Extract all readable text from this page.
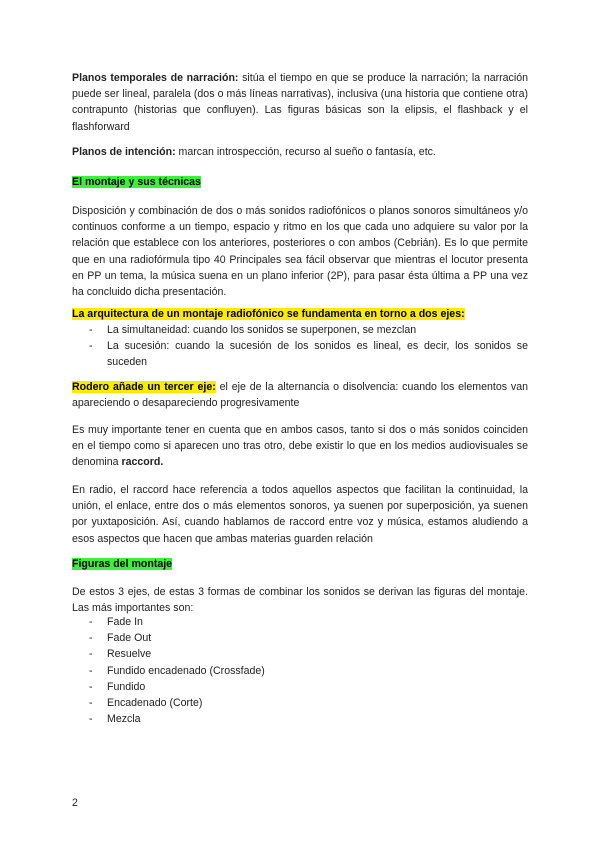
Planos temporales de narración: sitúa el tiempo en que se produce la narración; la narración puede ser lineal, paralela (dos o más líneas narrativas), inclusiva (una historia que contiene otra) contrapunto (historias que confluyen). Las figuras básicas son la elipsis, el flashback y el flashforward

Planos de intención: marcan introspección, recurso al sueño o fantasía, etc.

El montaje y sus técnicas

Disposición y combinación de dos o más sonidos radiofónicos o planos sonoros simultáneos y/o continuos conforme a un tiempo, espacio y ritmo en los que cada uno adquiere su valor por la relación que establece con los anteriores, posteriores o con ambos (Cebrián). Es lo que permite que en una radiofórmula tipo 40 Principales sea fácil observar que mientras el locutor presenta en PP un tema, la música suena en un plano inferior (2P), para pasar ésta última a PP una vez ha concluido dicha presentación.

La arquitectura de un montaje radiofónico se fundamenta en torno a dos ejes:

- La simultaneidad: cuando los sonidos se superponen, se mezclan
- La sucesión: cuando la sucesión de los sonidos es lineal, es decir, los sonidos se suceden

Rodero añade un tercer eje: el eje de la alternancia o disolvencia: cuando los elementos van apareciendo o desapareciendo progresivamente

Es muy importante tener en cuenta que en ambos casos, tanto si dos o más sonidos coinciden en el tiempo como si aparecen uno tras otro, debe existir lo que en los medios audiovisuales se denomina raccord.

En radio, el raccord hace referencia a todos aquellos aspectos que facilitan la continuidad, la unión, el enlace, entre dos o más elementos sonoros, ya suenen por superposición, ya suenen por yuxtaposición. Así, cuando hablamos de raccord entre voz y música, estamos aludiendo a esos aspectos que hacen que ambas materias guarden relación

Figuras del montaje

De estos 3 ejes, de estas 3 formas de combinar los sonidos se derivan las figuras del montaje. Las más importantes son:

- Fade In
- Fade Out
- Resuelve
- Fundido encadenado (Crossfade)
- Fundido
- Encadenado (Corte)
- Mezcla
2
